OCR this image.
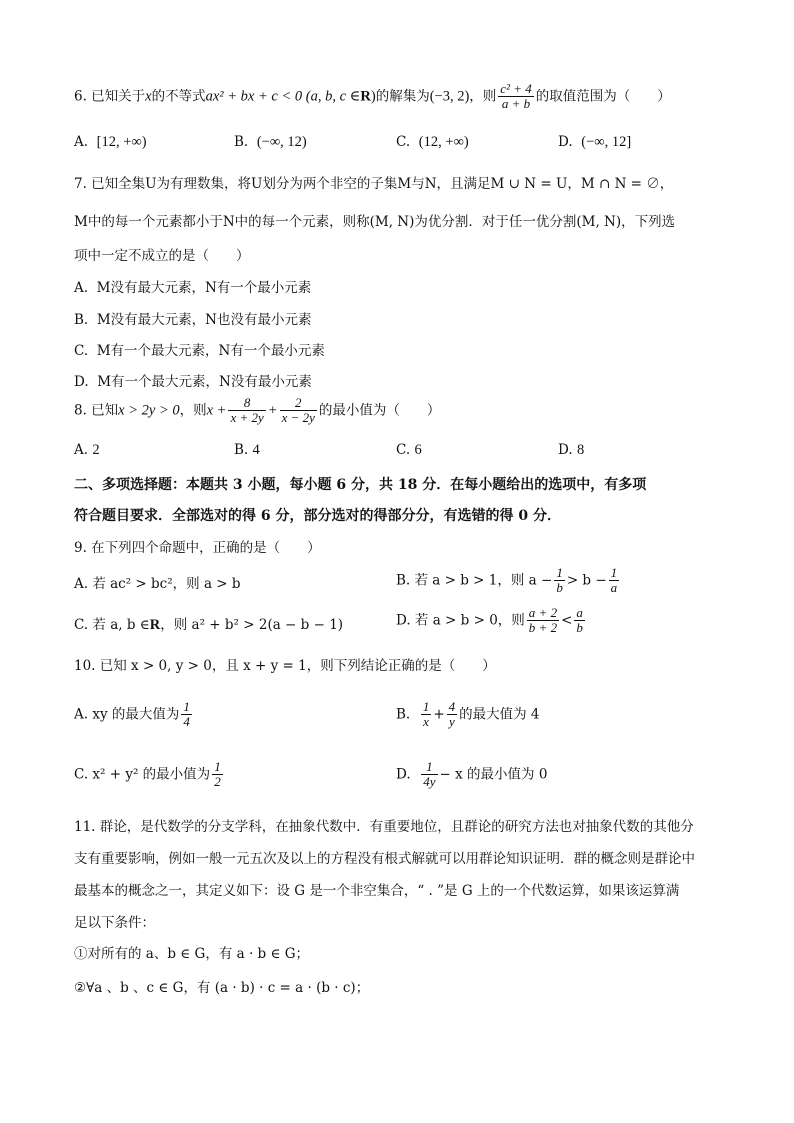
6. 已知关于x的不等式ax² + bx + c < 0 (a, b, c ∈R)的解集为(−3, 2)，则 $\frac{\text{c² + 4}}{a + b}$ 的取值范围为（　　）
A. [12, +∞)	B. (−∞, 12)	C. (12, +∞)	D. (−∞, 12]
7. 已知全集U为有理数集，将U划分为两个非空的子集M与N，且满足M ∪ N = U，M ∩ N = ∅，
M中的每一个元素都小于N中的每一个元素，则称(M, N)为优分割．对于任一优分割(M, N)，下列选
项中一定不成立的是（　　）
A. M没有最大元素，N有一个最小元素
B. M没有最大元素，N也没有最小元素
C. M有一个最大元素，N有一个最小元素
D. M有一个最大元素，N没有最小元素
8. 已知x > 2y > 0，则$x + \frac{8}{x + 2y} + \frac{2}{x - 2y}$ 的最小值为（　　）
A. 2	B. 4	C. 6	D. 8
二、多项选择题：本题共 3 小题，每小题 6 分，共 18 分．在每小题给出的选项中，有多项
符合题目要求．全部选对的得 6 分，部分选对的得部分分，有选错的得 0 分．
9. 在下列四个命题中，正确的是（　　）
A. 若 ac² > bc²，则 a > b	B. 若 a > b > 1，则 $a - \frac{1}{b} > b - \frac{1}{a}$
C. 若 a, b ∈R，则 a² + b² > 2(a − b − 1)	D. 若 a > b > 0，则 $\frac{a + 2}{b + 2} < \frac{a}{b}$
10. 已知 x > 0, y > 0，且 x + y = 1，则下列结论正确的是（　　）
A. xy 的最大值为 $\frac{1}{4}$	B. $\frac{1}{x} + \frac{4}{y}$ 的最大值为 4
C. x² + y² 的最小值为 $\frac{1}{2}$	D. $\frac{1}{4y} - x$ 的最小值为 0
11. 群论，是代数学的分支学科，在抽象代数中．有重要地位，且群论的研究方法也对抽象代数的其他分
支有重要影响，例如一般一元五次及以上的方程没有根式解就可以用群论知识证明．群的概念则是群论中
最基本的概念之一，其定义如下：设 G 是一个非空集合，“ . ”是 G 上的一个代数运算，如果该运算满
足以下条件：
①对所有的 a、b ∈ G，有 a · b ∈ G；
②∀a 、b 、c ∈ G，有 (a · b) · c = a · (b · c)；
